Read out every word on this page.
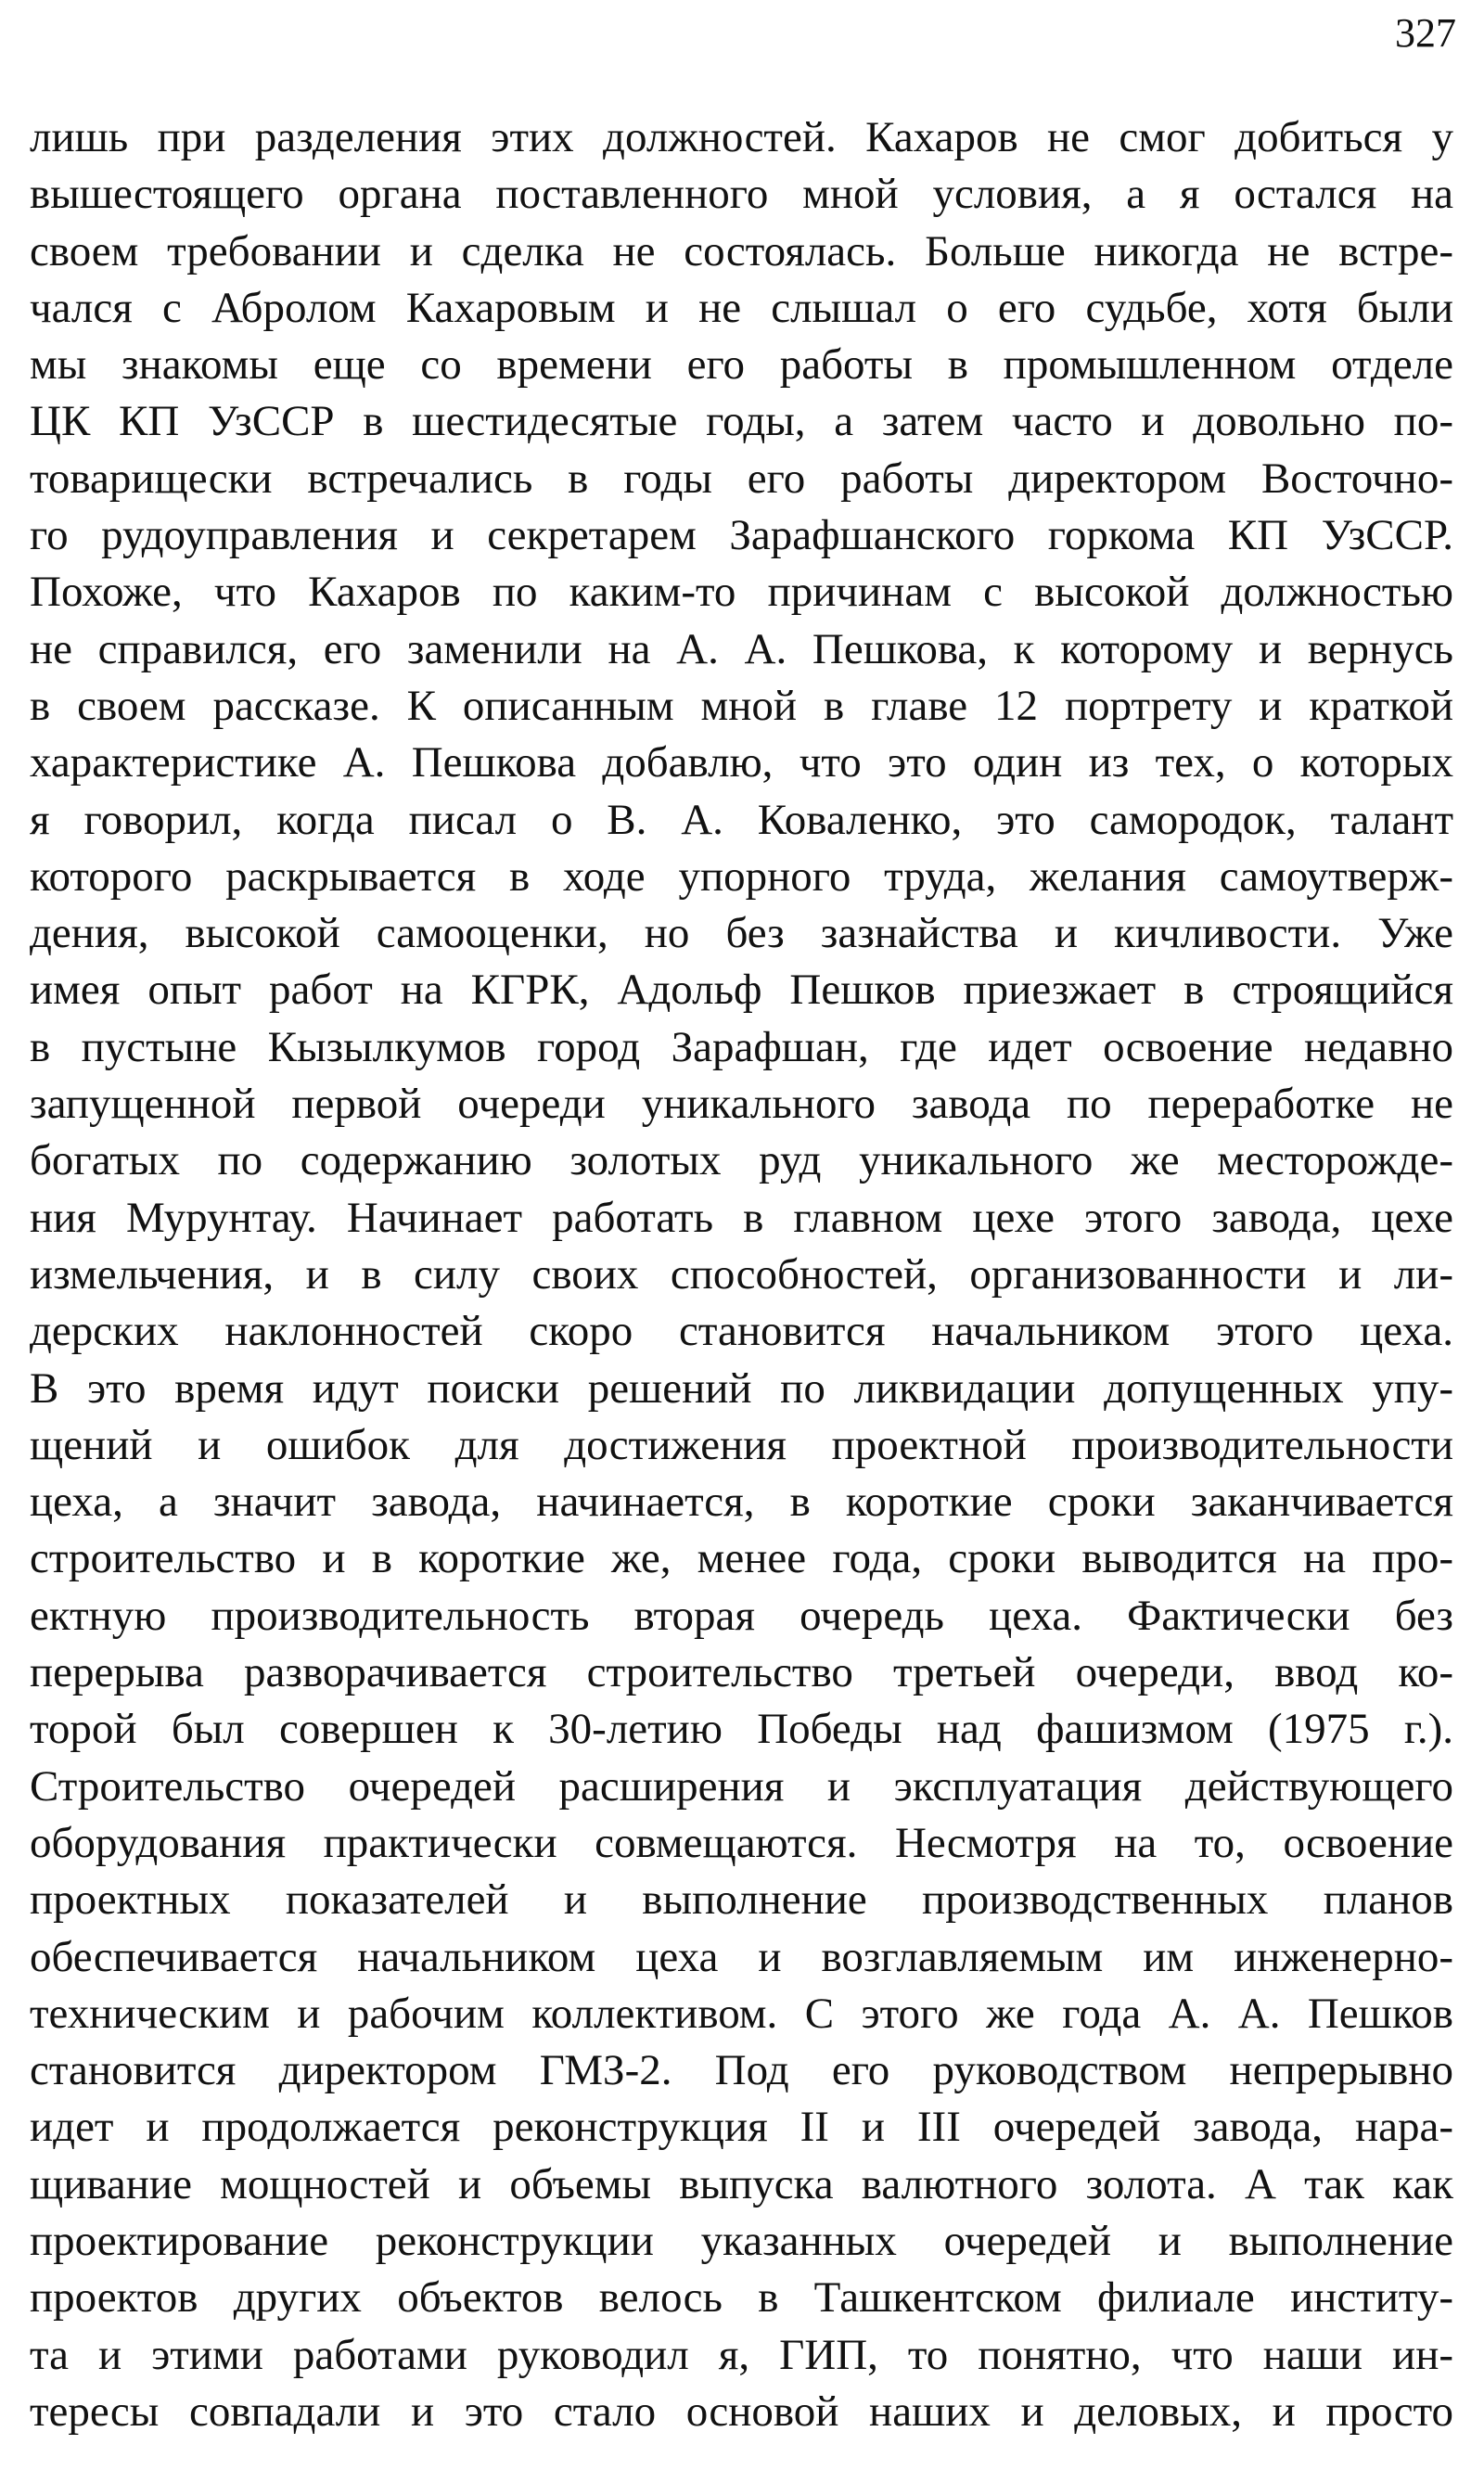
327
лишь при разделения этих должностей. Кахаров не смог добиться у
вышестоящего органа поставленного мной условия, а я остался на
своем требовании и сделка не состоялась. Больше никогда не встре-
чался с Абролом Кахаровым и не слышал о его судьбе, хотя были
мы знакомы еще со времени его работы в промышленном отделе
ЦК КП УзССР в шестидесятые годы, а затем часто и довольно по-
товарищески встречались в годы его работы директором Восточно-
го рудоуправления и секретарем Зарафшанского горкома КП УзССР.
Похоже, что Кахаров по каким-то причинам с высокой должностью
не справился, его заменили на А. А. Пешкова, к которому и вернусь
в своем рассказе. К описанным мной в главе 12 портрету и краткой
характеристике А. Пешкова добавлю, что это один из тех, о которых
я говорил, когда писал о В. А. Коваленко, это самородок, талант
которого раскрывается в ходе упорного труда, желания самоутверж-
дения, высокой самооценки, но без зазнайства и кичливости. Уже
имея опыт работ на КГРК, Адольф Пешков приезжает в строящийся
в пустыне Кызылкумов город Зарафшан, где идет освоение недавно
запущенной первой очереди уникального завода по переработке не
богатых по содержанию золотых руд уникального же месторожде-
ния Мурунтау. Начинает работать в главном цехе этого завода, цехе
измельчения, и в силу своих способностей, организованности и ли-
дерских наклонностей скоро становится начальником этого цеха.
В это время идут поиски решений по ликвидации допущенных упу-
щений и ошибок для достижения проектной производительности
цеха, а значит завода, начинается, в короткие сроки заканчивается
строительство и в короткие же, менее года, сроки выводится на про-
ектную производительность вторая очередь цеха. Фактически без
перерыва разворачивается строительство третьей очереди, ввод ко-
торой был совершен к 30-летию Победы над фашизмом (1975 г.).
Строительство очередей расширения и эксплуатация действующего
оборудования практически совмещаются. Несмотря на то, освоение
проектных показателей и выполнение производственных планов
обеспечивается начальником цеха и возглавляемым им инженерно-
техническим и рабочим коллективом. С этого же года А. А. Пешков
становится директором ГМЗ-2. Под его руководством непрерывно
идет и продолжается реконструкция II и III очередей завода, нара-
щивание мощностей и объемы выпуска валютного золота. А так как
проектирование реконструкции указанных очередей и выполнение
проектов других объектов велось в Ташкентском филиале институ-
та и этими работами руководил я, ГИП, то понятно, что наши ин-
тересы совпадали и это стало основой наших и деловых, и просто
